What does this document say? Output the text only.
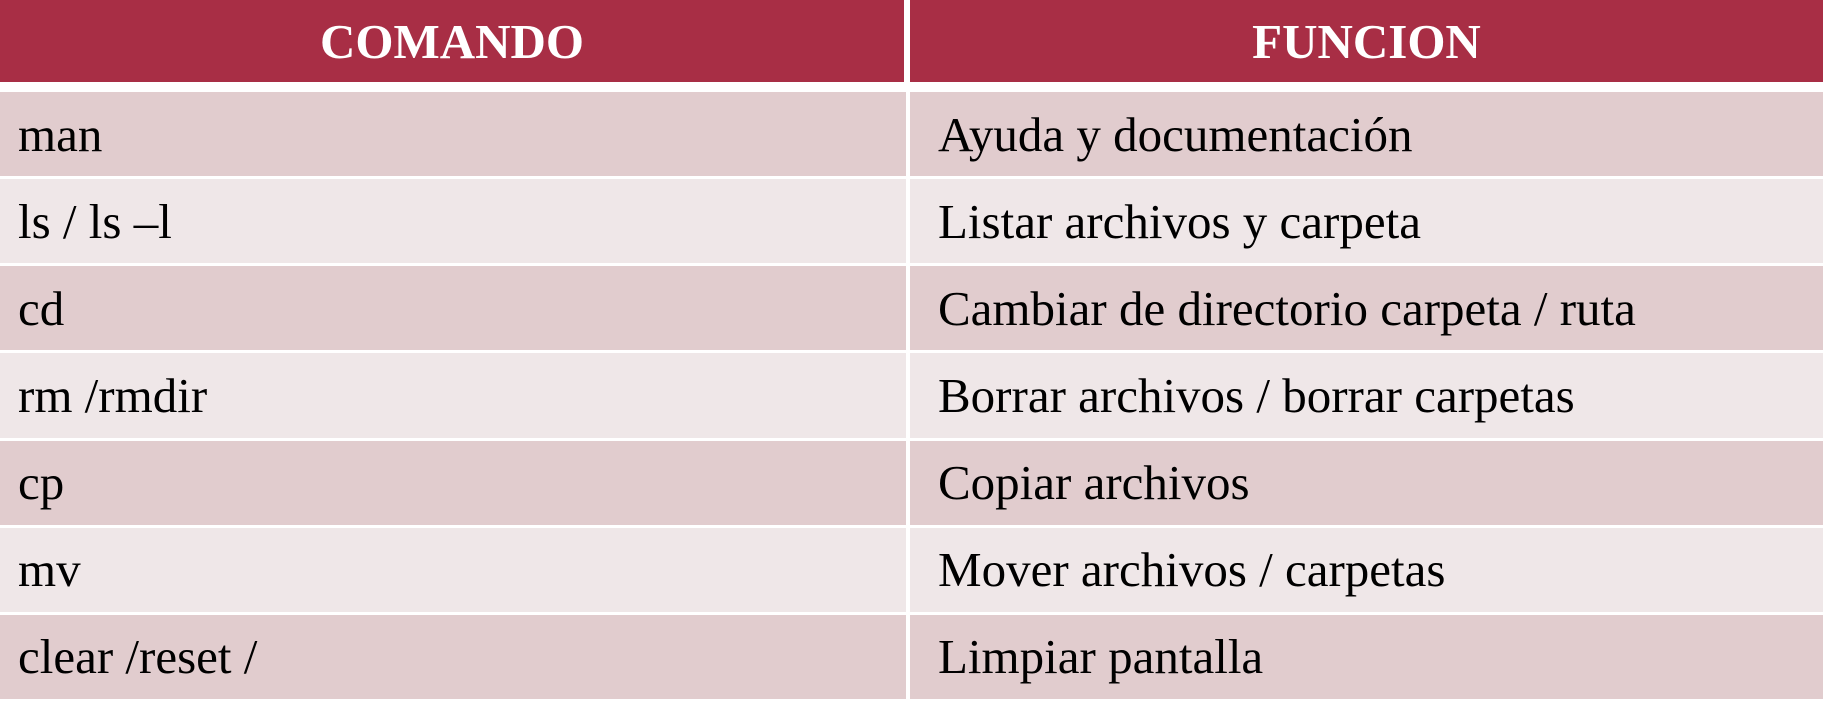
COMANDO	FUNCION
man	Ayuda y documentación
ls / ls –l	Listar archivos y carpeta
cd	Cambiar de directorio carpeta / ruta
rm /rmdir	Borrar archivos / borrar carpetas
cp	Copiar archivos
mv	Mover archivos / carpetas
clear /reset /	Limpiar pantalla
